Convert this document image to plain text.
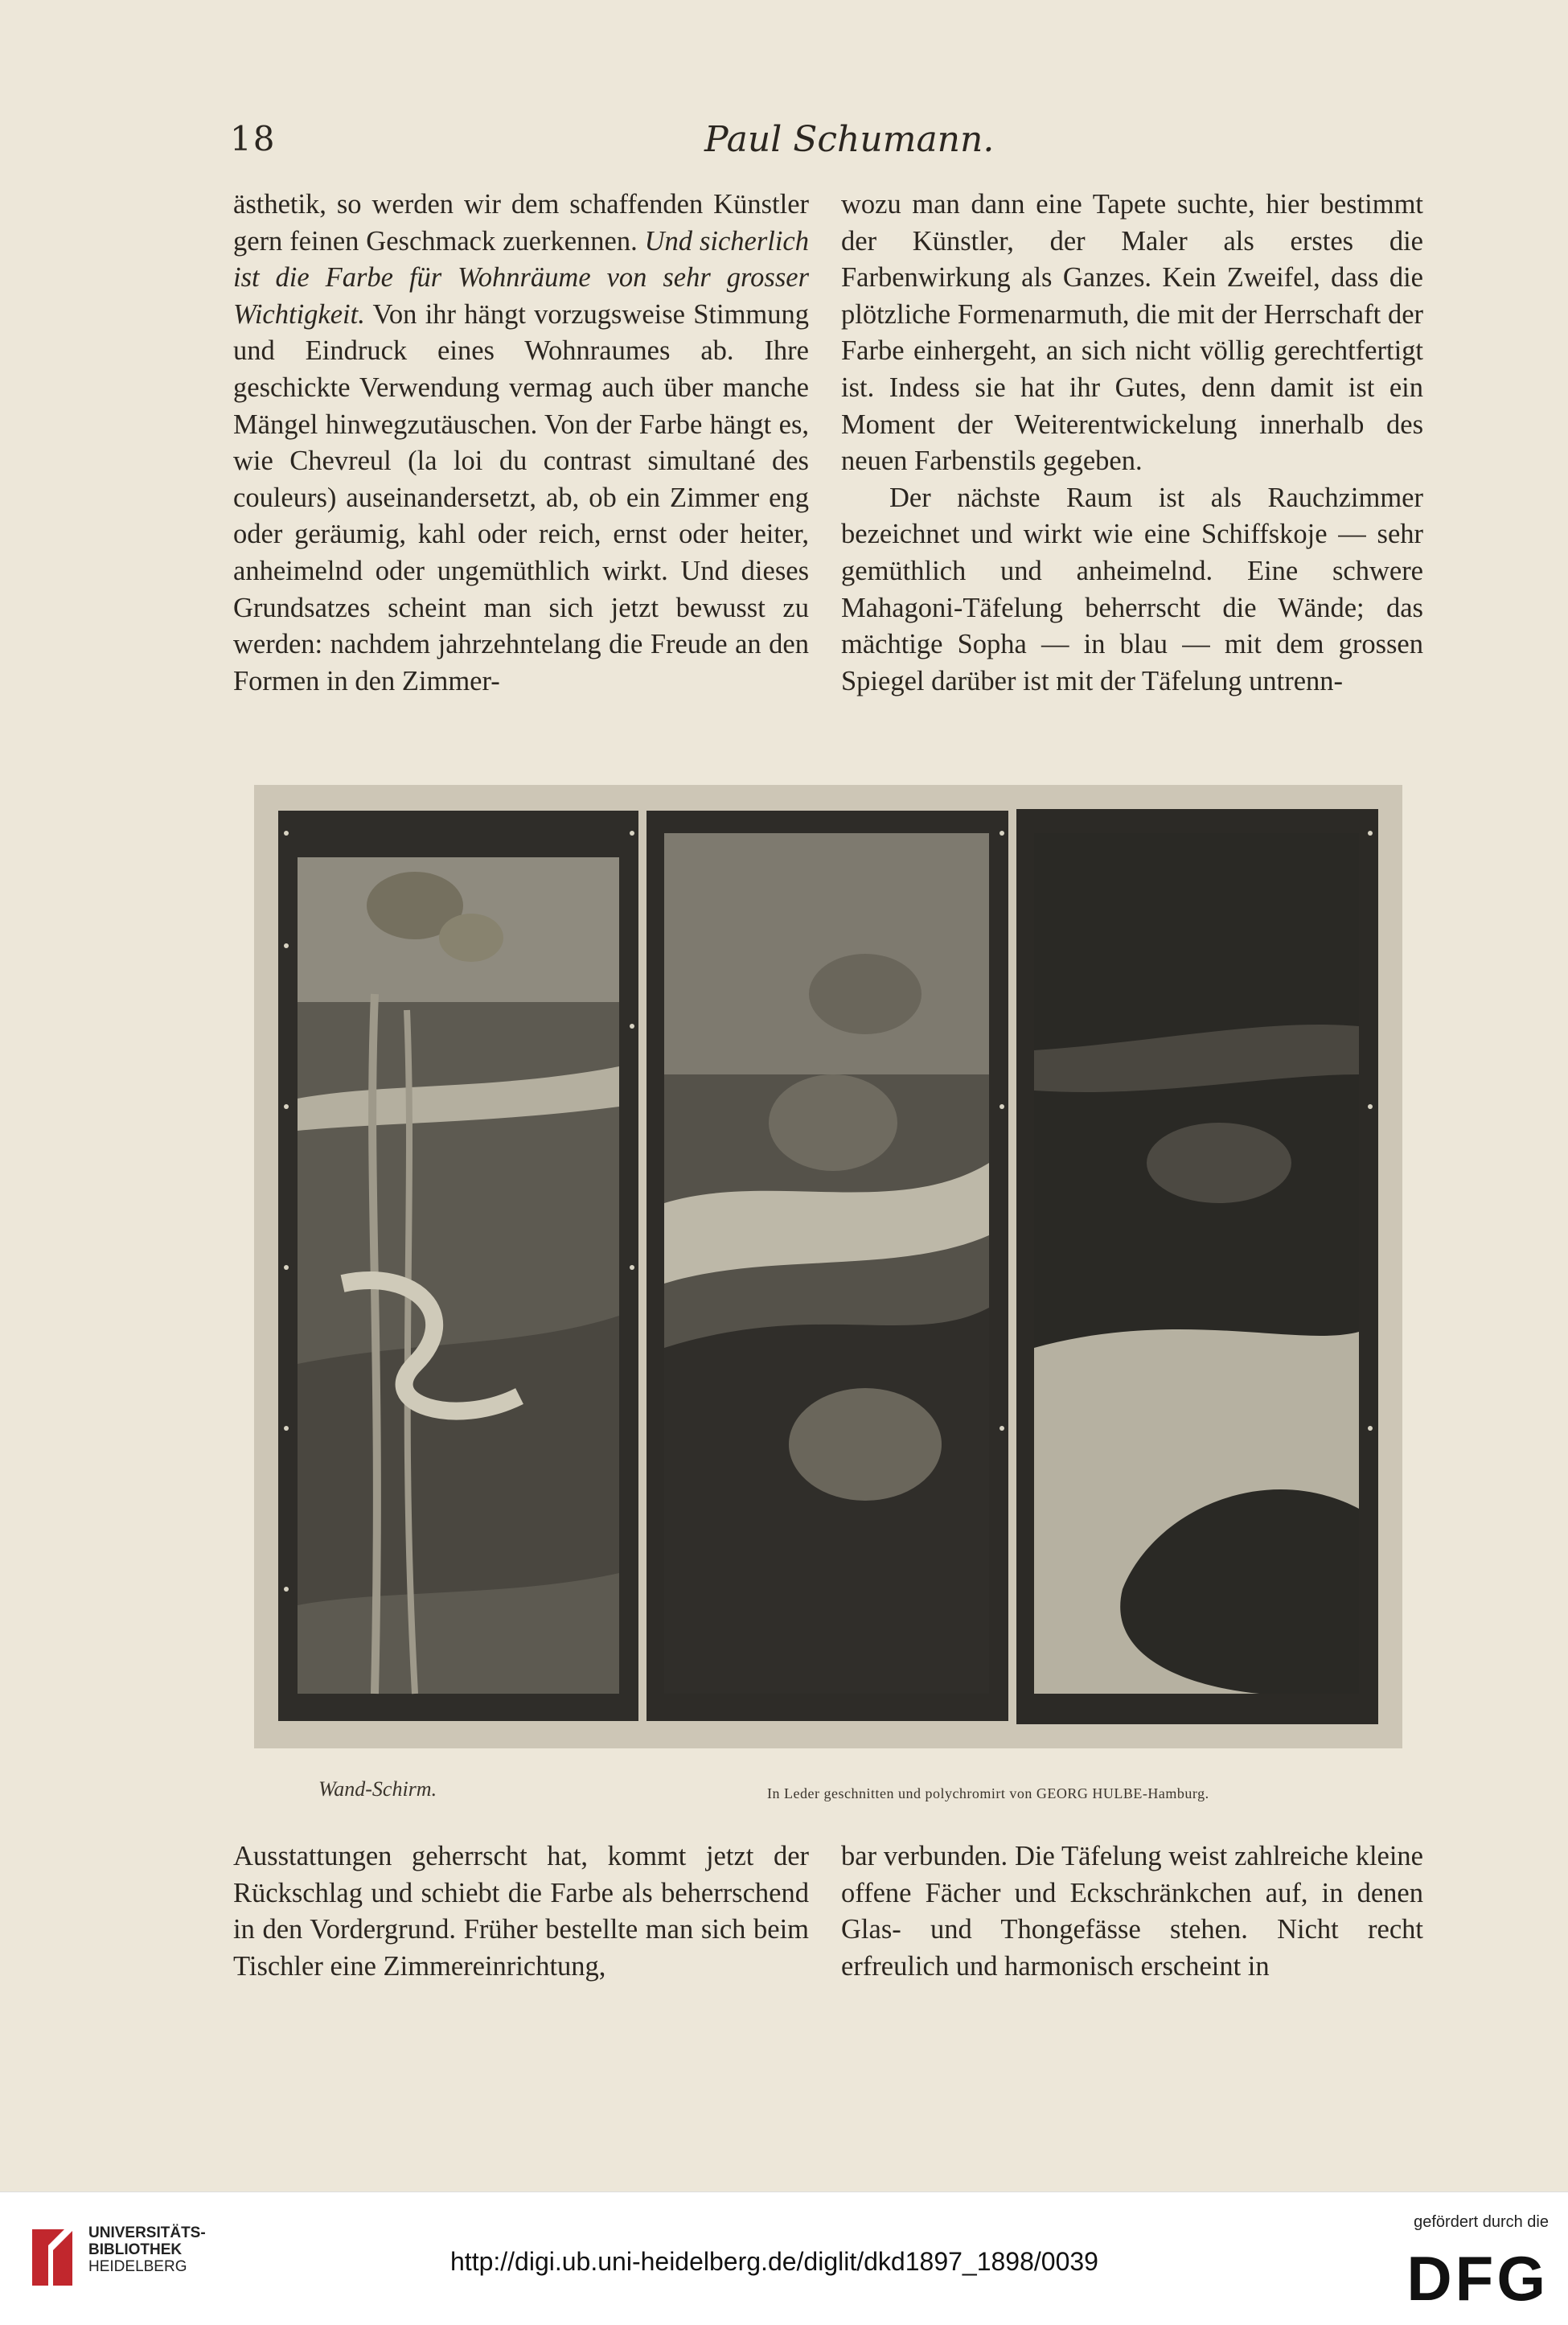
18	Paul Schumann.

ästhetik, so werden wir dem schaffenden Künstler gern feinen Geschmack zuerkennen. Und sicherlich ist die Farbe für Wohnräume von sehr grosser Wichtigkeit. Von ihr hängt vorzugsweise Stimmung und Eindruck eines Wohnraumes ab. Ihre geschickte Verwendung vermag auch über manche Mängel hinwegzutäuschen. Von der Farbe hängt es, wie Chevreul (la loi du contrast simultané des couleurs) auseinandersetzt, ab, ob ein Zimmer eng oder geräumig, kahl oder reich, ernst oder heiter, anheimelnd oder ungemüthlich wirkt. Und dieses Grundsatzes scheint man sich jetzt bewusst zu werden: nachdem jahrzehntelang die Freude an den Formen in den Zimmer-

wozu man dann eine Tapete suchte, hier bestimmt der Künstler, der Maler als erstes die Farbenwirkung als Ganzes. Kein Zweifel, dass die plötzliche Formenarmuth, die mit der Herrschaft der Farbe einhergeht, an sich nicht völlig gerechtfertigt ist. Indess sie hat ihr Gutes, denn damit ist ein Moment der Weiterentwickelung innerhalb des neuen Farbenstils gegeben.

Der nächste Raum ist als Rauchzimmer bezeichnet und wirkt wie eine Schiffskoje — sehr gemüthlich und anheimelnd. Eine schwere Mahagoni-Täfelung beherrscht die Wände; das mächtige Sopha — in blau — mit dem grossen Spiegel darüber ist mit der Täfelung untrenn-

Wand-Schirm.	In Leder geschnitten und polychromirt von GEORG HULBE-Hamburg.

Ausstattungen geherrscht hat, kommt jetzt der Rückschlag und schiebt die Farbe als beherrschend in den Vordergrund. Früher bestellte man sich beim Tischler eine Zimmereinrichtung,

bar verbunden. Die Täfelung weist zahlreiche kleine offene Fächer und Eckschränkchen auf, in denen Glas- und Thongefässe stehen. Nicht recht erfreulich und harmonisch erscheint in

UNIVERSITÄTS-
BIBLIOTHEK
HEIDELBERG	http://digi.ub.uni-heidelberg.de/diglit/dkd1897_1898/0039
gefördert durch die
DFG
